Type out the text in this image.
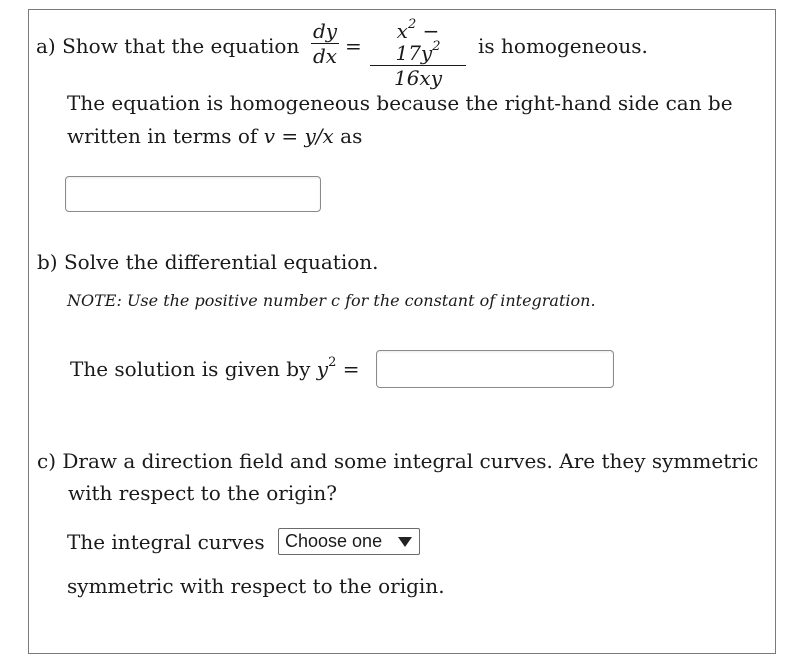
a) Show that the equation
dy
dx =
$x^2 - 17y^2$
16xy
is homogeneous.
The equation is homogeneous because the right-hand side can be
written in terms of v = y/x as
b) Solve the differential equation.
NOTE: Use the positive number c for the constant of integration.
The solution is given by $y^2$ =
c) Draw a direction field and some integral curves. Are they symmetric
with respect to the origin?
The integral curves	Choose one
symmetric with respect to the origin.
